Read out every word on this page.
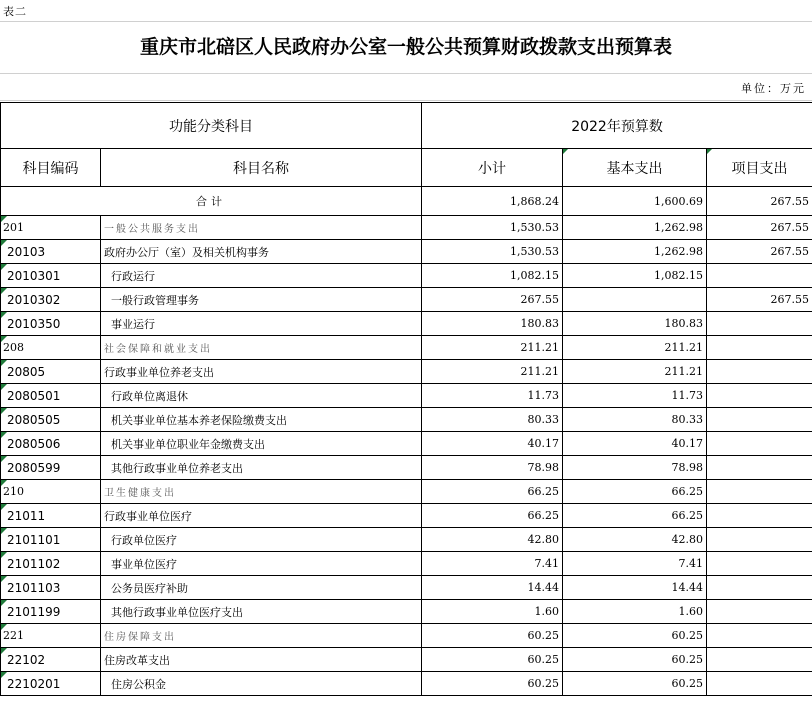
表二
重庆市北碚区人民政府办公室一般公共预算财政拨款支出预算表
单位：万元
功能分类科目		2022年预算数		
科目编码	科目名称	小计	基本支出	项目支出
合计		1,868.24	1,600.69	267.55

201	一般公共服务支出	1,530.53	1,262.98	267.55

20103	政府办公厅（室）及相关机构事务	1,530.53	1,262.98	267.55

2010301	行政运行	1,082.15	1,082.15	

2010302	一般行政管理事务	267.55		267.55

2010350	事业运行	180.83	180.83	

208	社会保障和就业支出	211.21	211.21	

20805	行政事业单位养老支出	211.21	211.21	

2080501	行政单位离退休	11.73	11.73	

2080505	机关事业单位基本养老保险缴费支出	80.33	80.33	

2080506	机关事业单位职业年金缴费支出	40.17	40.17	

2080599	其他行政事业单位养老支出	78.98	78.98	

210	卫生健康支出	66.25	66.25	

21011	行政事业单位医疗	66.25	66.25	

2101101	行政单位医疗	42.80	42.80	

2101102	事业单位医疗	7.41	7.41	

2101103	公务员医疗补助	14.44	14.44	

2101199	其他行政事业单位医疗支出	1.60	1.60	

221	住房保障支出	60.25	60.25	

22102	住房改革支出	60.25	60.25	

2210201	住房公积金	60.25	60.25	
